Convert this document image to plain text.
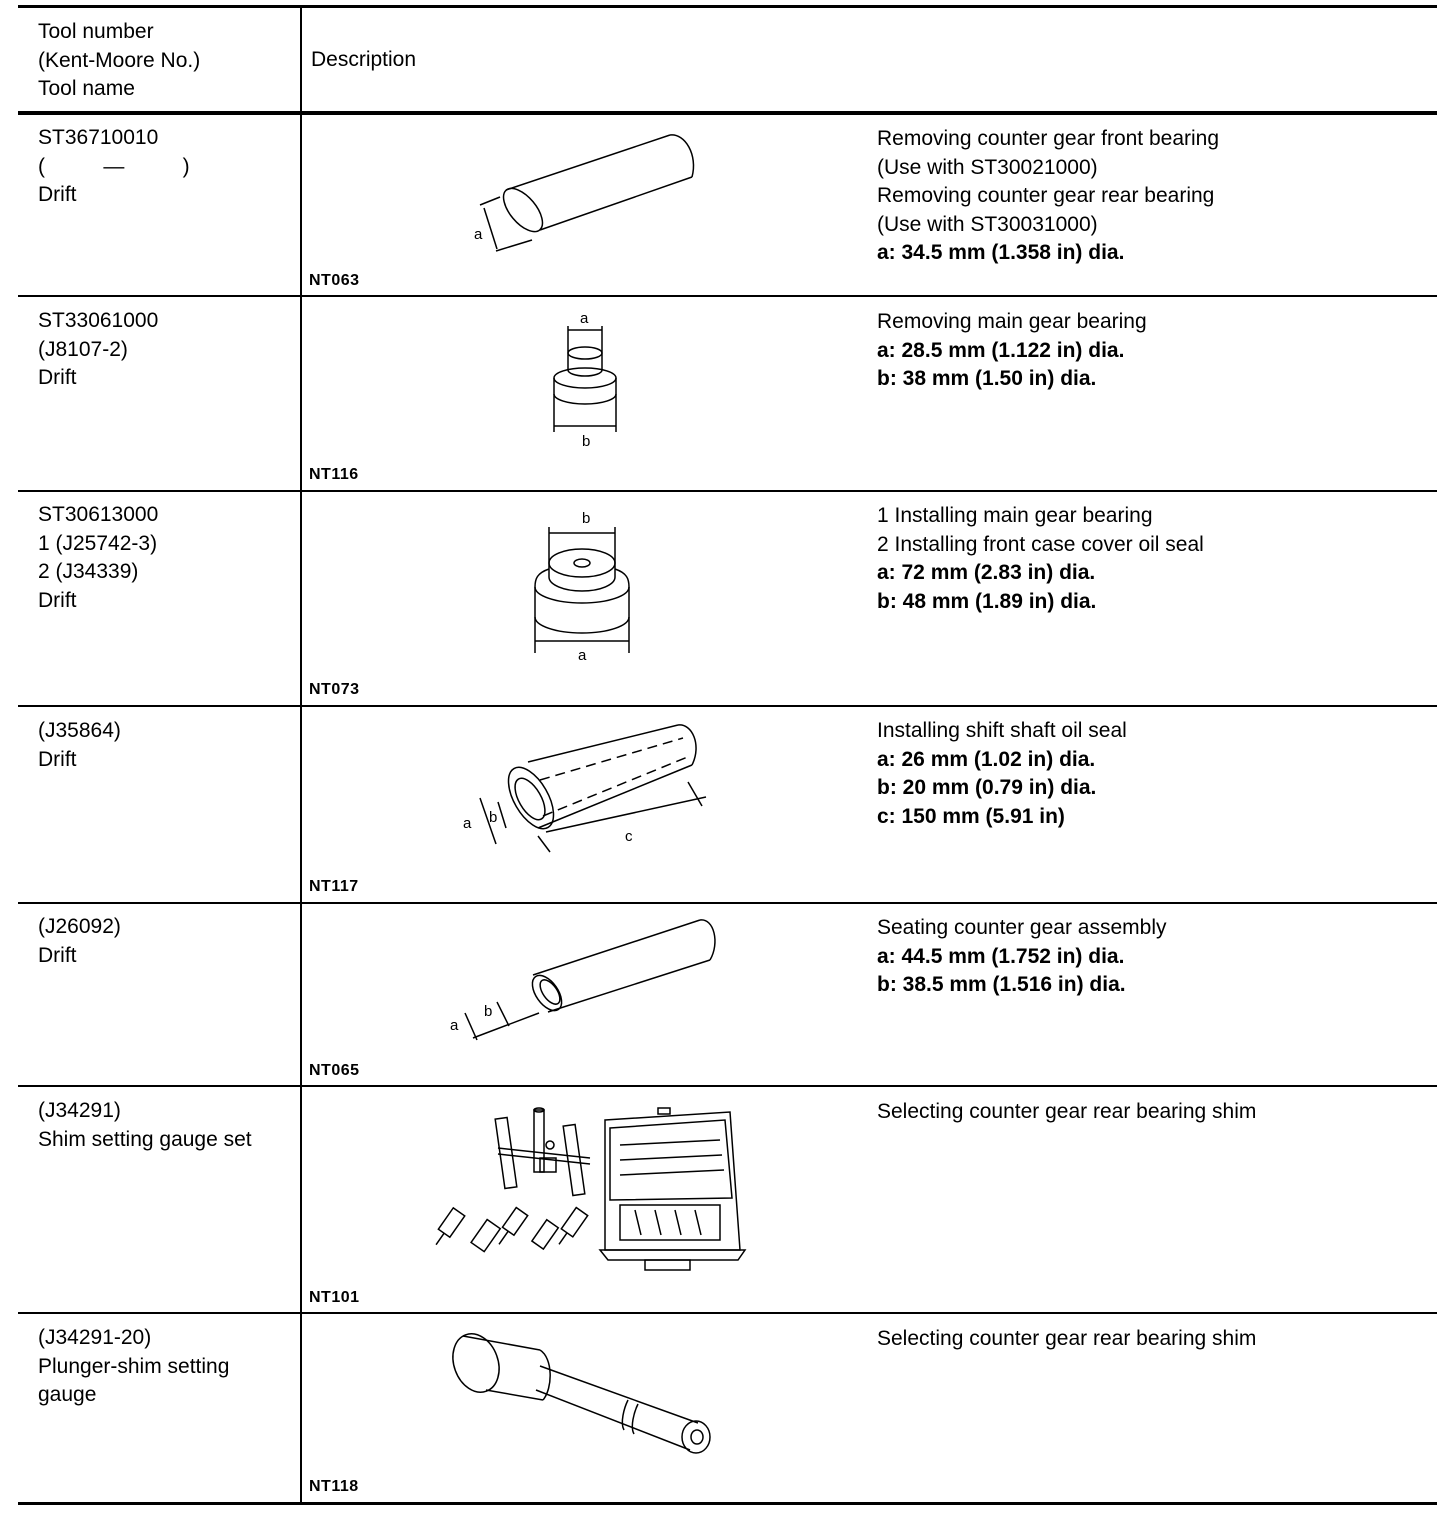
Tool number
(Kent-Moore No.)
Tool name
Description
ST36710010
(          —          )
Drift
Removing counter gear front bearing
(Use with ST30021000)
Removing counter gear rear bearing
(Use with ST30031000)
a: 34.5 mm (1.358 in) dia.
NT063
a
ST33061000
(J8107-2)
Drift
Removing main gear bearing
a: 28.5 mm (1.122 in) dia.
b: 38 mm (1.50 in) dia.
NT116
a
b
ST30613000
1 (J25742-3)
2 (J34339)
Drift
1 Installing main gear bearing
2 Installing front case cover oil seal
a: 72 mm (2.83 in) dia.
b: 48 mm (1.89 in) dia.
NT073
b
a
(J35864)
Drift
Installing shift shaft oil seal
a: 26 mm (1.02 in) dia.
b: 20 mm (0.79 in) dia.
c: 150 mm (5.91 in)
NT117
a b
c
(J26092)
Drift
Seating counter gear assembly
a: 44.5 mm (1.752 in) dia.
b: 38.5 mm (1.516 in) dia.
NT065
a
b
(J34291)
Shim setting gauge set
Selecting counter gear rear bearing shim
NT101
(J34291-20)
Plunger-shim setting
gauge
Selecting counter gear rear bearing shim
NT118
